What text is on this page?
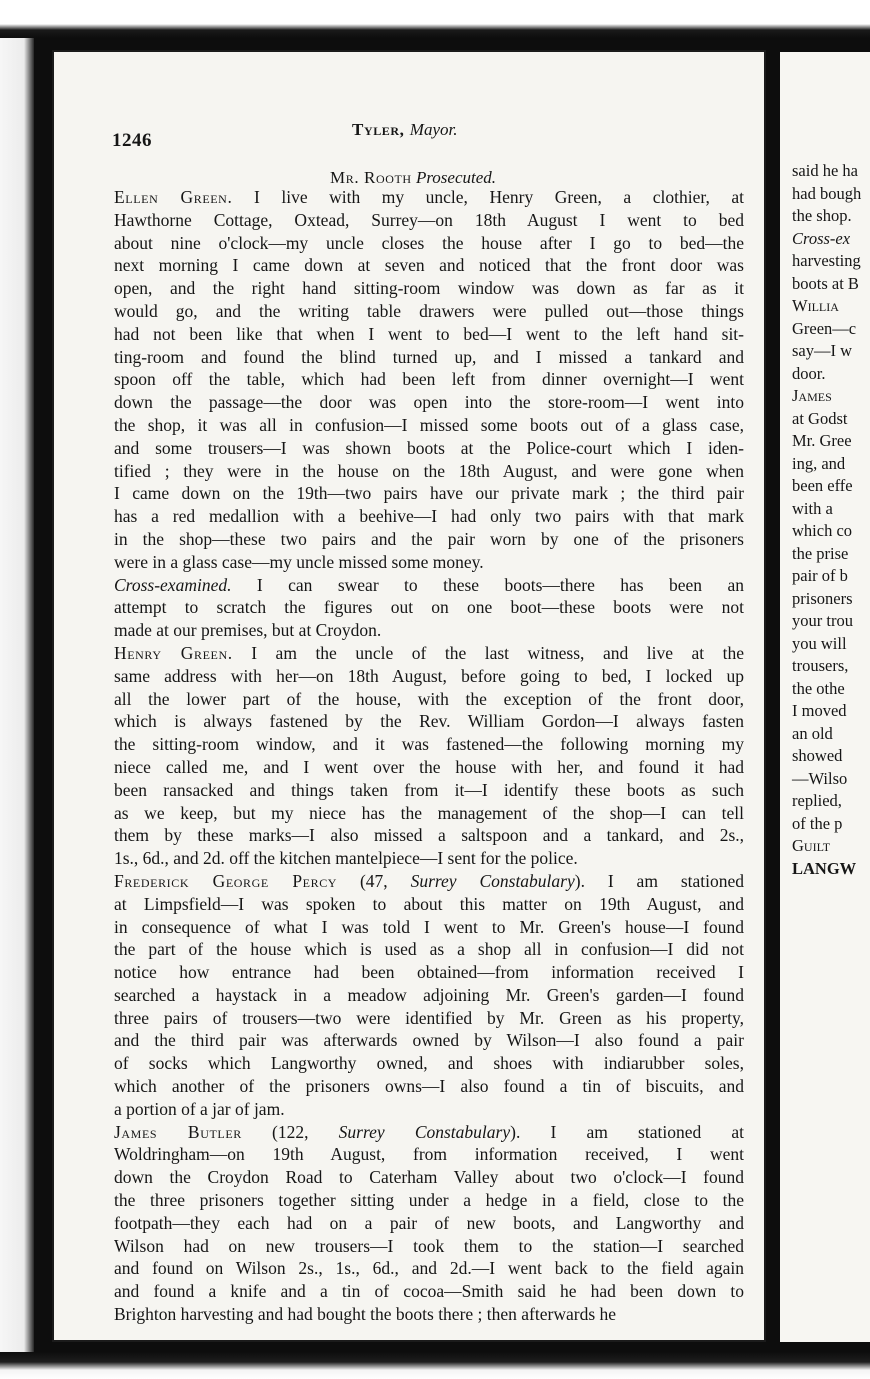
1246
Tyler, Mayor.
Mr. Rooth Prosecuted.
Ellen Green. I live with my uncle, Henry Green, a clothier, at
Hawthorne Cottage, Oxtead, Surrey—on 18th August I went to bed
about nine o'clock—my uncle closes the house after I go to bed—the
next morning I came down at seven and noticed that the front door was
open, and the right hand sitting-room window was down as far as it
would go, and the writing table drawers were pulled out—those things
had not been like that when I went to bed—I went to the left hand sit-
ting-room and found the blind turned up, and I missed a tankard and
spoon off the table, which had been left from dinner overnight—I went
down the passage—the door was open into the store-room—I went into
the shop, it was all in confusion—I missed some boots out of a glass case,
and some trousers—I was shown boots at the Police-court which I iden-
tified ; they were in the house on the 18th August, and were gone when
I came down on the 19th—two pairs have our private mark ; the third pair
has a red medallion with a beehive—I had only two pairs with that mark
in the shop—these two pairs and the pair worn by one of the prisoners
were in a glass case—my uncle missed some money.
Cross-examined. I can swear to these boots—there has been an
attempt to scratch the figures out on one boot—these boots were not
made at our premises, but at Croydon.
Henry Green. I am the uncle of the last witness, and live at the
same address with her—on 18th August, before going to bed, I locked up
all the lower part of the house, with the exception of the front door,
which is always fastened by the Rev. William Gordon—I always fasten
the sitting-room window, and it was fastened—the following morning my
niece called me, and I went over the house with her, and found it had
been ransacked and things taken from it—I identify these boots as such
as we keep, but my niece has the management of the shop—I can tell
them by these marks—I also missed a saltspoon and a tankard, and 2s.,
1s., 6d., and 2d. off the kitchen mantelpiece—I sent for the police.
Frederick George Percy (47, Surrey Constabulary). I am stationed
at Limpsfield—I was spoken to about this matter on 19th August, and
in consequence of what I was told I went to Mr. Green's house—I found
the part of the house which is used as a shop all in confusion—I did not
notice how entrance had been obtained—from information received I
searched a haystack in a meadow adjoining Mr. Green's garden—I found
three pairs of trousers—two were identified by Mr. Green as his property,
and the third pair was afterwards owned by Wilson—I also found a pair
of socks which Langworthy owned, and shoes with indiarubber soles,
which another of the prisoners owns—I also found a tin of biscuits, and
a portion of a jar of jam.
James Butler (122, Surrey Constabulary). I am stationed at
Woldringham—on 19th August, from information received, I went
down the Croydon Road to Caterham Valley about two o'clock—I found
the three prisoners together sitting under a hedge in a field, close to the
footpath—they each had on a pair of new boots, and Langworthy and
Wilson had on new trousers—I took them to the station—I searched
and found on Wilson 2s., 1s., 6d., and 2d.—I went back to the field again
and found a knife and a tin of cocoa—Smith said he had been down to
Brighton harvesting and had bought the boots there ; then afterwards he
said he ha
had bough
the shop.
Cross-ex
harvesting
boots at B
Willia
Green—c
say—I w
door.
James
at Godst
Mr. Gree
ing, and
been effe
with a
which co
the prise
pair of b
prisoners
your trou
you will
trousers,
the othe
I moved
an old
showed
—Wilso
replied,
of the p
Guilt
LANGW
